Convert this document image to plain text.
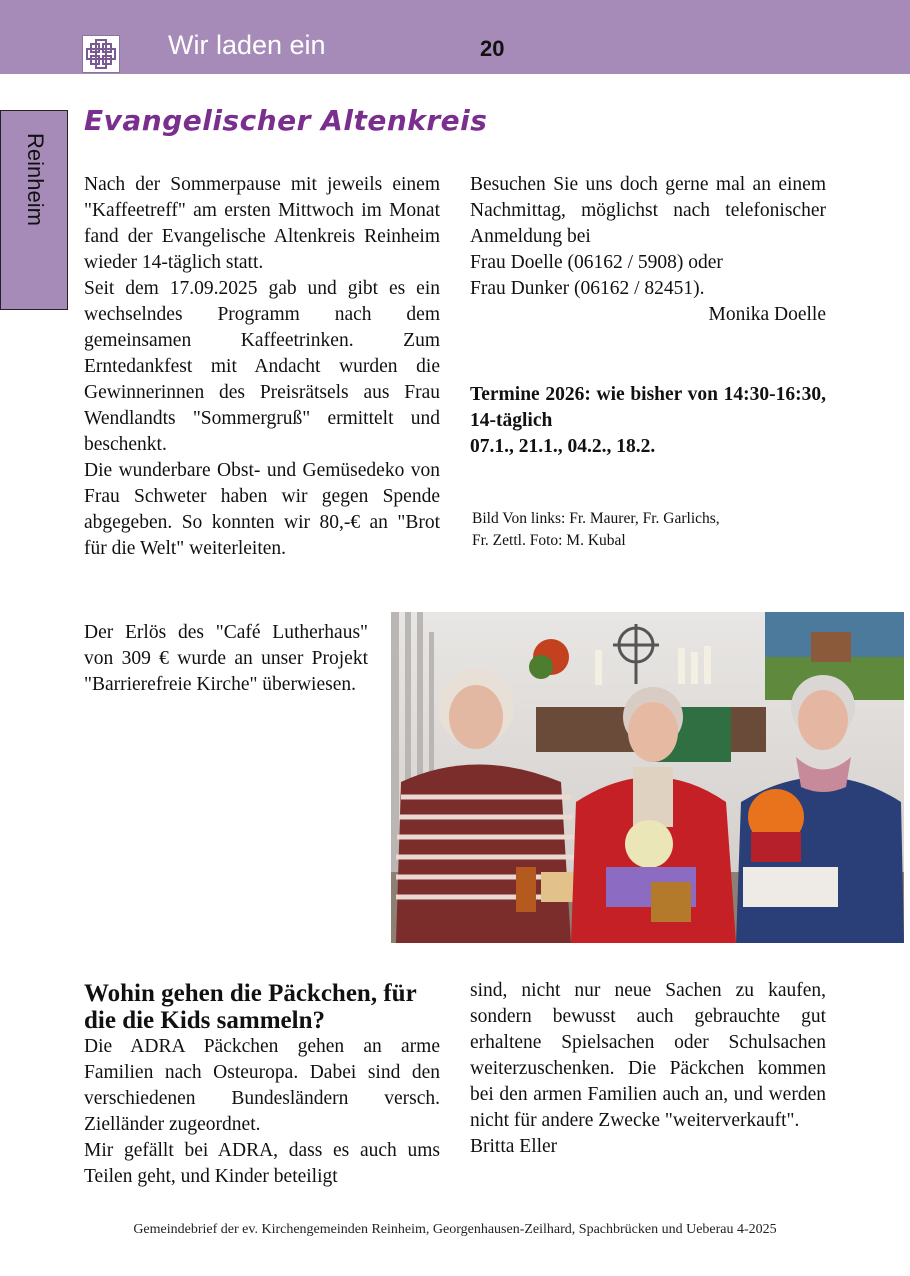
Wir laden ein	20
Reinheim
Evangelischer Altenkreis

Nach der Sommerpause mit jeweils einem "Kaffeetreff" am ersten Mittwoch im Monat fand der Evangelische Altenkreis Reinheim wieder 14-täglich statt.

Seit dem 17.09.2025 gab und gibt es ein wechselndes Programm nach dem gemeinsamen Kaffeetrinken. Zum Erntedankfest mit Andacht wurden die Gewinnerinnen des Preisrätsels aus Frau Wendlandts "Sommergruß" ermittelt und beschenkt.

Die wunderbare Obst- und Gemüsedeko von Frau Schweter haben wir gegen Spende abgegeben. So konnten wir 80,-€ an "Brot für die Welt" weiterleiten.

Besuchen Sie uns doch gerne mal an einem Nachmittag, möglichst nach telefonischer Anmeldung bei

Frau Doelle (06162 / 5908) oder

Frau Dunker (06162 / 82451).

Monika Doelle

Termine 2026: wie bisher von 14:30-16:30, 14-täglich
07.1., 21.1., 04.2., 18.2.
Bild Von links: Fr. Maurer, Fr. Garlichs,
Fr. Zettl. Foto: M. Kubal

Der Erlös des "Café Lutherhaus" von 309 € wurde an unser Projekt "Barrierefreie Kirche" überwiesen.

Wohin gehen die Päckchen, für die die Kids sammeln?

Die ADRA Päckchen gehen an arme Familien nach Osteuropa. Dabei sind den verschiedenen Bundesländern versch. Zielländer zugeordnet.

Mir gefällt bei ADRA, dass es auch ums Teilen geht, und Kinder beteiligt

sind, nicht nur neue Sachen zu kaufen, sondern bewusst auch gebrauchte gut erhaltene Spielsachen oder Schulsachen weiterzuschenken. Die Päckchen kommen bei den armen Familien auch an, und werden nicht für andere Zwecke "weiterverkauft".

Britta Eller

Gemeindebrief der ev. Kirchengemeinden Reinheim, Georgenhausen-Zeilhard, Spachbrücken und Ueberau 4-2025
